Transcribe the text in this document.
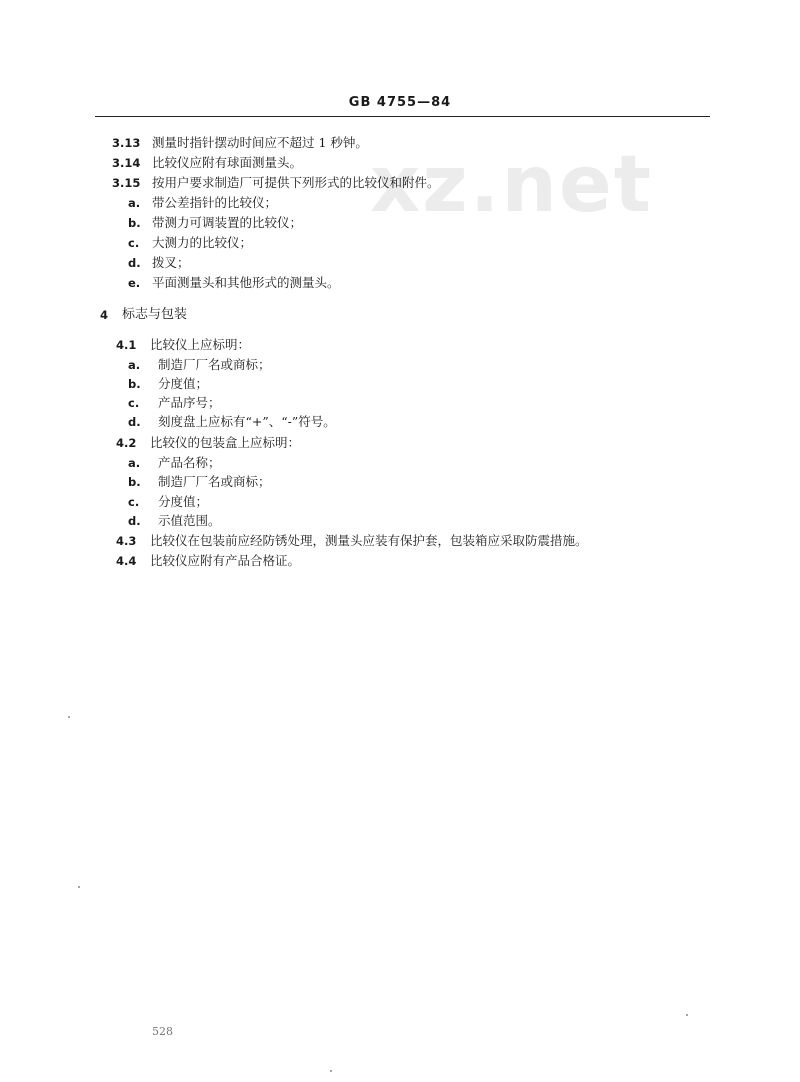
xz.net
GB 4755—84
3.13 测量时指针摆动时间应不超过 1 秒钟。
3.14 比较仪应附有球面测量头。
3.15 按用户要求制造厂可提供下列形式的比较仪和附件。
a. 带公差指针的比较仪；
b. 带测力可调装置的比较仪；
c. 大测力的比较仪；
d. 拨叉；
e. 平面测量头和其他形式的测量头。
4 标志与包装
4.1 比较仪上应标明：
a. 制造厂厂名或商标；
b. 分度值；
c. 产品序号；
d. 刻度盘上应标有“+”、“-”符号。
4.2 比较仪的包装盒上应标明：
a. 产品名称；
b. 制造厂厂名或商标；
c. 分度值；
d. 示值范围。
4.3 比较仪在包装前应经防锈处理，测量头应装有保护套，包装箱应采取防震措施。
4.4 比较仪应附有产品合格证。
528
